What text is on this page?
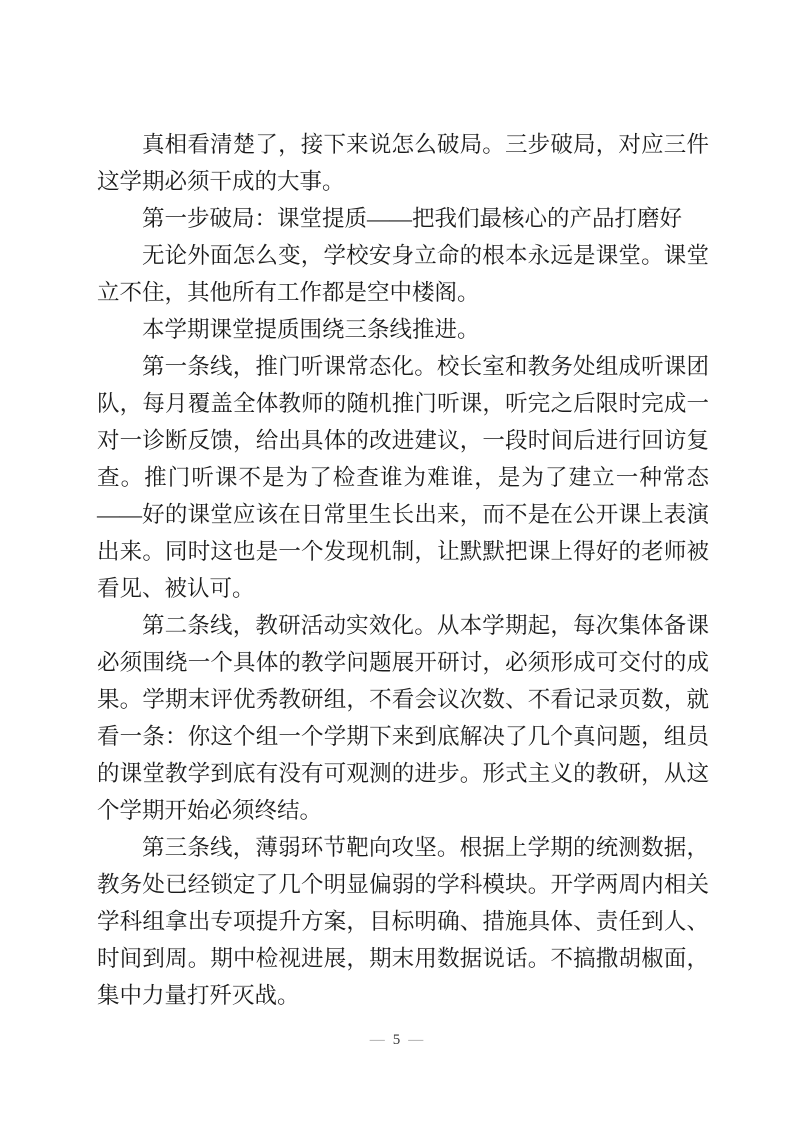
真相看清楚了，接下来说怎么破局。三步破局，对应三件这学期必须干成的大事。

第一步破局：课堂提质——把我们最核心的产品打磨好

无论外面怎么变，学校安身立命的根本永远是课堂。课堂立不住，其他所有工作都是空中楼阁。

本学期课堂提质围绕三条线推进。

第一条线，推门听课常态化。校长室和教务处组成听课团队，每月覆盖全体教师的随机推门听课，听完之后限时完成一对一诊断反馈，给出具体的改进建议，一段时间后进行回访复查。推门听课不是为了检查谁为难谁，是为了建立一种常态——好的课堂应该在日常里生长出来，而不是在公开课上表演出来。同时这也是一个发现机制，让默默把课上得好的老师被看见、被认可。

第二条线，教研活动实效化。从本学期起，每次集体备课必须围绕一个具体的教学问题展开研讨，必须形成可交付的成果。学期末评优秀教研组，不看会议次数、不看记录页数，就看一条：你这个组一个学期下来到底解决了几个真问题，组员的课堂教学到底有没有可观测的进步。形式主义的教研，从这个学期开始必须终结。

第三条线，薄弱环节靶向攻坚。根据上学期的统测数据，教务处已经锁定了几个明显偏弱的学科模块。开学两周内相关学科组拿出专项提升方案，目标明确、措施具体、责任到人、时间到周。期中检视进展，期末用数据说话。不搞撒胡椒面，集中力量打歼灭战。

— 5 —
